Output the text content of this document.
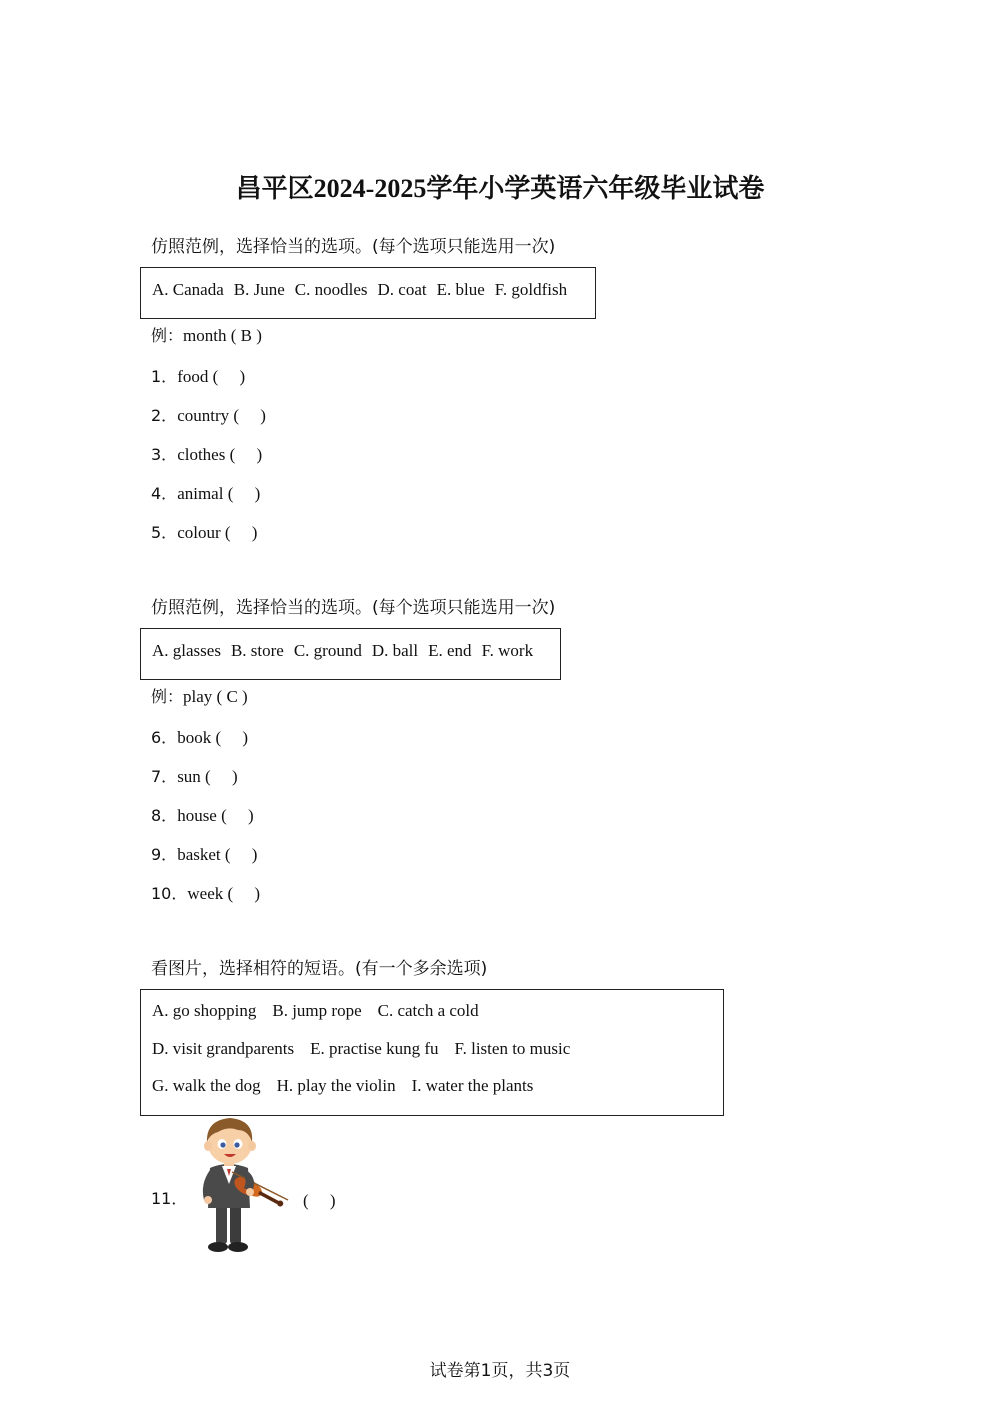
昌平区2024-2025学年小学英语六年级毕业试卷
仿照范例，选择恰当的选项。(每个选项只能选用一次)
A. Canada B. June C. noodles D. coat E. blue F. goldfish
例：month ( B )
1．food (　 )
2．country (　 )
3．clothes (　 )
4．animal (　 )
5．colour (　 )
仿照范例，选择恰当的选项。(每个选项只能选用一次)
A. glasses B. store C. ground D. ball E. end F. work
例：play ( C )
6．book (　 )
7．sun (　 )
8．house (　 )
9．basket (　 )
10．week (　 )
看图片，选择相符的短语。(有一个多余选项)
A. go shopping B. jump rope C. catch a cold
D. visit grandparents E. practise kung fu F. listen to music
G. walk the dog H. play the violin I. water the plants
11．	(　 )
试卷第1页，共3页
